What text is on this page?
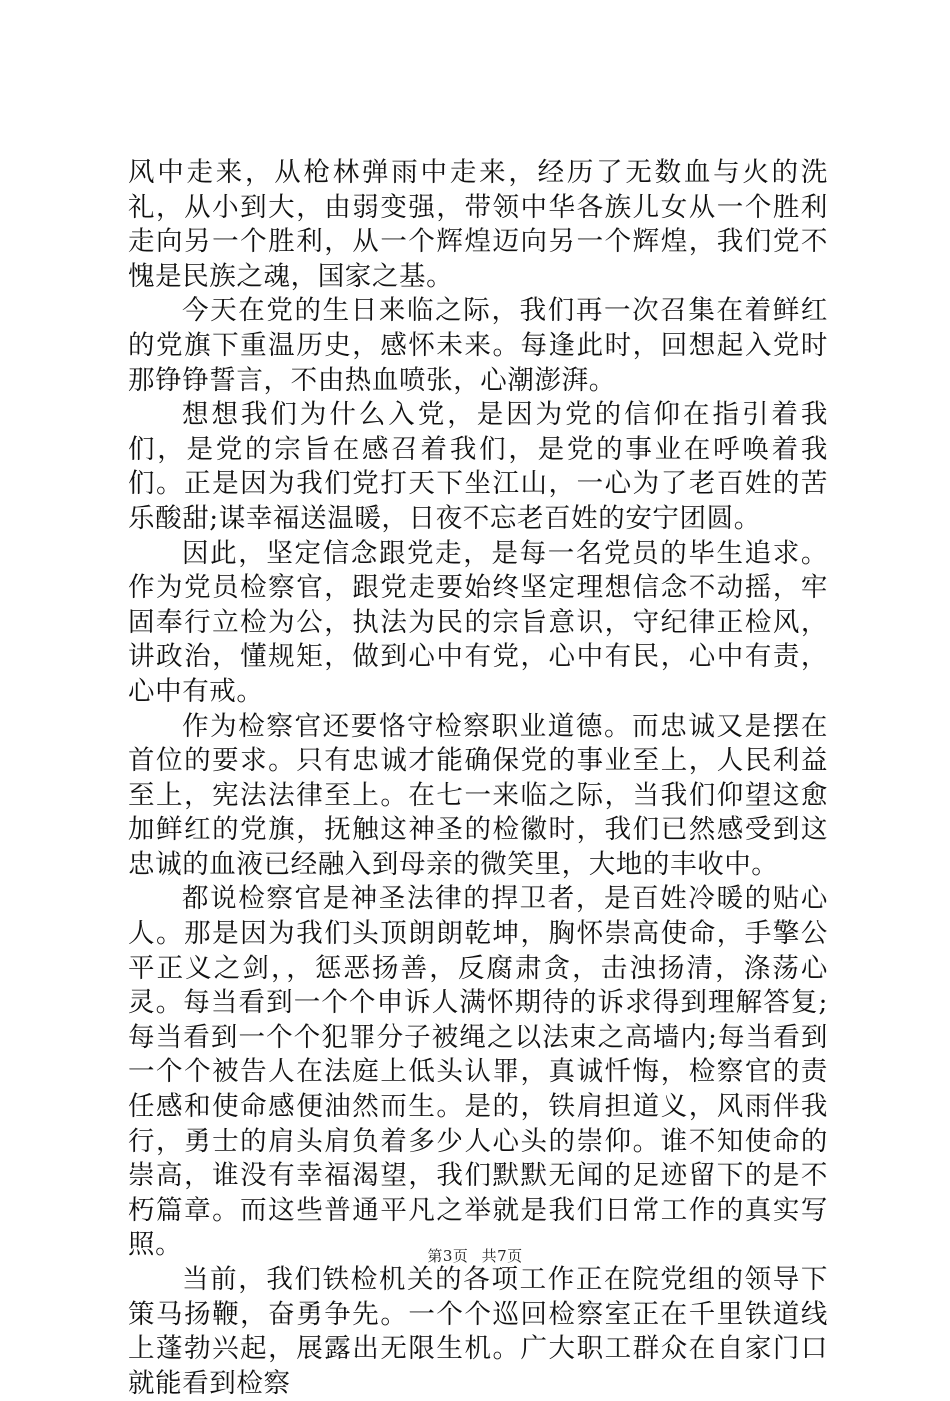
风中走来，从枪林弹雨中走来，经历了无数血与火的洗礼，从小到大，由弱变强，带领中华各族儿女从一个胜利走向另一个胜利，从一个辉煌迈向另一个辉煌，我们党不愧是民族之魂，国家之基。

今天在党的生日来临之际，我们再一次召集在着鲜红的党旗下重温历史，感怀未来。每逢此时，回想起入党时那铮铮誓言，不由热血喷张，心潮澎湃。

想想我们为什么入党，是因为党的信仰在指引着我们，是党的宗旨在感召着我们，是党的事业在呼唤着我们。正是因为我们党打天下坐江山，一心为了老百姓的苦乐酸甜;谋幸福送温暖，日夜不忘老百姓的安宁团圆。

因此，坚定信念跟党走，是每一名党员的毕生追求。作为党员检察官，跟党走要始终坚定理想信念不动摇，牢固奉行立检为公，执法为民的宗旨意识，守纪律正检风，讲政治，懂规矩，做到心中有党，心中有民，心中有责，心中有戒。

作为检察官还要恪守检察职业道德。而忠诚又是摆在首位的要求。只有忠诚才能确保党的事业至上，人民利益至上，宪法法律至上。在七一来临之际，当我们仰望这愈加鲜红的党旗，抚触这神圣的检徽时，我们已然感受到这忠诚的血液已经融入到母亲的微笑里，大地的丰收中。

都说检察官是神圣法律的捍卫者，是百姓冷暖的贴心人。那是因为我们头顶朗朗乾坤，胸怀崇高使命，手擎公平正义之剑，，惩恶扬善，反腐肃贪，击浊扬清，涤荡心灵。每当看到一个个申诉人满怀期待的诉求得到理解答复;每当看到一个个犯罪分子被绳之以法束之高墙内;每当看到一个个被告人在法庭上低头认罪，真诚忏悔，检察官的责任感和使命感便油然而生。是的，铁肩担道义，风雨伴我行，勇士的肩头肩负着多少人心头的崇仰。谁不知使命的崇高，谁没有幸福渴望，我们默默无闻的足迹留下的是不朽篇章。而这些普通平凡之举就是我们日常工作的真实写照。

当前，我们铁检机关的各项工作正在院党组的领导下策马扬鞭，奋勇争先。一个个巡回检察室正在千里铁道线上蓬勃兴起，展露出无限生机。广大职工群众在自家门口就能看到检察

第3页 共7页
